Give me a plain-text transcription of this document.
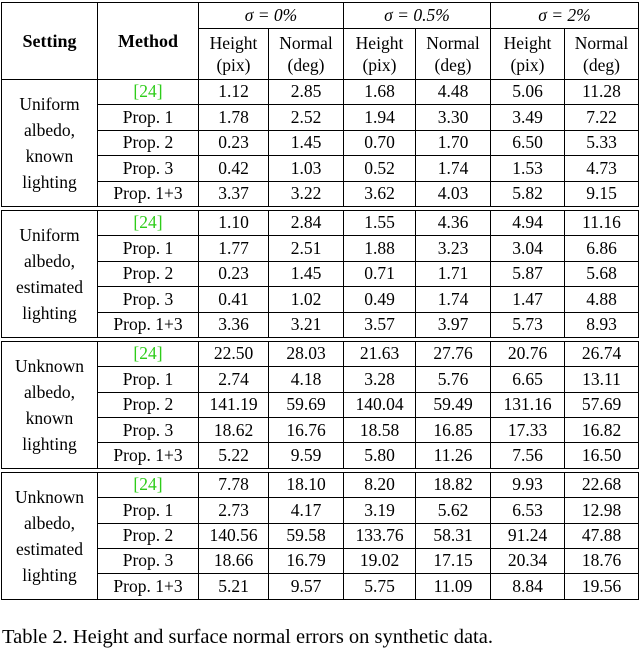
Setting	Method	σ = 0%		σ = 0.5%		σ = 2%	
		Height (pix)	Normal (deg)	Height (pix)	Normal (deg)	Height (pix)	Normal (deg)
Uniform albedo, known lighting	[24]	1.12	2.85	1.68	4.48	5.06	11.28
	Prop. 1	1.78	2.52	1.94	3.30	3.49	7.22
	Prop. 2	0.23	1.45	0.70	1.70	6.50	5.33
	Prop. 3	0.42	1.03	0.52	1.74	1.53	4.73
	Prop. 1+3	3.37	3.22	3.62	4.03	5.82	9.15

Uniform albedo, estimated lighting	[24]	1.10	2.84	1.55	4.36	4.94	11.16
	Prop. 1	1.77	2.51	1.88	3.23	3.04	6.86
	Prop. 2	0.23	1.45	0.71	1.71	5.87	5.68
	Prop. 3	0.41	1.02	0.49	1.74	1.47	4.88
	Prop. 1+3	3.36	3.21	3.57	3.97	5.73	8.93

Unknown albedo, known lighting	[24]	22.50	28.03	21.63	27.76	20.76	26.74
	Prop. 1	2.74	4.18	3.28	5.76	6.65	13.11
	Prop. 2	141.19	59.69	140.04	59.49	131.16	57.69
	Prop. 3	18.62	16.76	18.58	16.85	17.33	16.82
	Prop. 1+3	5.22	9.59	5.80	11.26	7.56	16.50

Unknown albedo, estimated lighting	[24]	7.78	18.10	8.20	18.82	9.93	22.68
	Prop. 1	2.73	4.17	3.19	5.62	6.53	12.98
	Prop. 2	140.56	59.58	133.76	58.31	91.24	47.88
	Prop. 3	18.66	16.79	19.02	17.15	20.34	18.76
	Prop. 1+3	5.21	9.57	5.75	11.09	8.84	19.56
Table 2. Height and surface normal errors on synthetic data.
